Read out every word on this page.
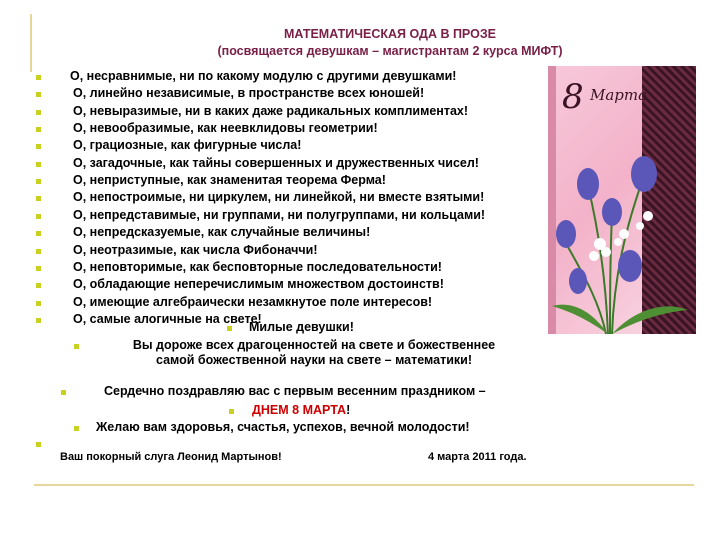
МАТЕМАТИЧЕСКАЯ ОДА В ПРОЗЕ
(посвящается девушкам – магистрантам 2 курса МИФТ)
О, несравнимые, ни по какому модулю с другими девушками!
О, линейно независимые, в пространстве всех юношей!
О, невыразимые, ни в каких даже радикальных комплиментах!
О, невообразимые, как неевклидовы геометрии!
О, грациозные, как фигурные числа!
О, загадочные, как тайны совершенных и дружественных чисел!
О, неприступные, как знаменитая теорема Ферма!
О, непостроимые, ни циркулем, ни линейкой, ни вместе взятыми!
О, непредставимые, ни группами, ни полугруппами, ни кольцами!
О, непредсказуемые, как случайные величины!
О, неотразимые, как числа Фибоначчи!
О, неповторимые, как бесповторные последовательности!
О, обладающие неперечислимым множеством достоинств!
О, имеющие алгебраически незамкнутое поле интересов!
О, самые алогичные на свете!
Милые девушки!
Вы дороже всех драгоценностей на свете и божественнее
самой божественной науки на свете – математики!
Сердечно поздравляю вас с первым весенним праздником –
ДНЕМ 8 МАРТА!
Желаю вам здоровья, счастья, успехов, вечной молодости!
Ваш покорный слуга Леонид Мартынов!	4 марта 2011 года.
8 Марта
